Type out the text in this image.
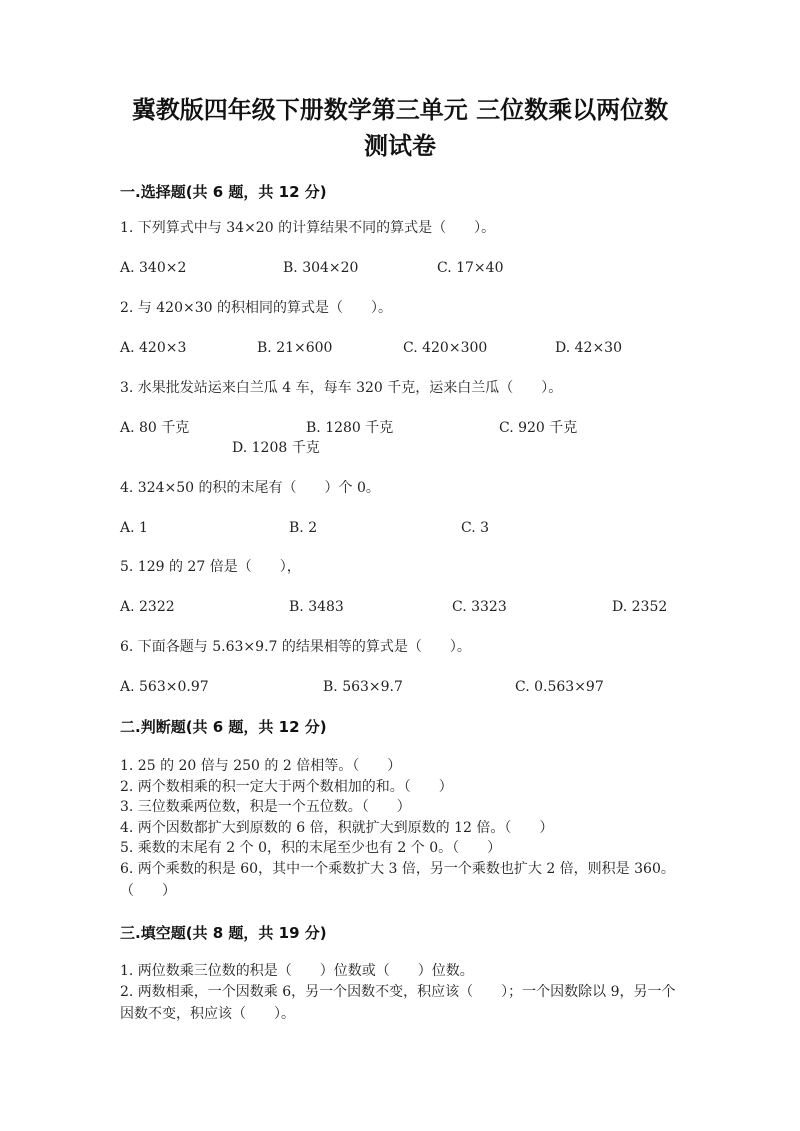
冀教版四年级下册数学第三单元 三位数乘以两位数
测试卷
一.选择题(共 6 题，共 12 分)
1. 下列算式中与 34×20 的计算结果不同的算式是（　　）。
A. 340×2	B. 304×20	C. 17×40
2. 与 420×30 的积相同的算式是（　　）。
A. 420×3	B. 21×600	C. 420×300	D. 42×30
3. 水果批发站运来白兰瓜 4 车，每车 320 千克，运来白兰瓜（　　）。
A. 80 千克	B. 1280 千克	C. 920 千克
D. 1208 千克
4. 324×50 的积的末尾有（　　）个 0。
A. 1	B. 2	C. 3
5. 129 的 27 倍是（　　），
A. 2322	B. 3483	C. 3323	D. 2352
6. 下面各题与 5.63×9.7 的结果相等的算式是（　　）。
A. 563×0.97	B. 563×9.7	C. 0.563×97
二.判断题(共 6 题，共 12 分)
1. 25 的 20 倍与 250 的 2 倍相等。（　　）
2. 两个数相乘的积一定大于两个数相加的和。（　　）
3. 三位数乘两位数，积是一个五位数。（　　）
4. 两个因数都扩大到原数的 6 倍，积就扩大到原数的 12 倍。（　　）
5. 乘数的末尾有 2 个 0，积的末尾至少也有 2 个 0。（　　）
6. 两个乘数的积是 60，其中一个乘数扩大 3 倍，另一个乘数也扩大 2 倍，则积是 360。（　　）
三.填空题(共 8 题，共 19 分)
1. 两位数乘三位数的积是（　　）位数或（　　）位数。
2. 两数相乘，一个因数乘 6，另一个因数不变，积应该（　　）；一个因数除以 9，另一个因数不变，积应该（　　）。
